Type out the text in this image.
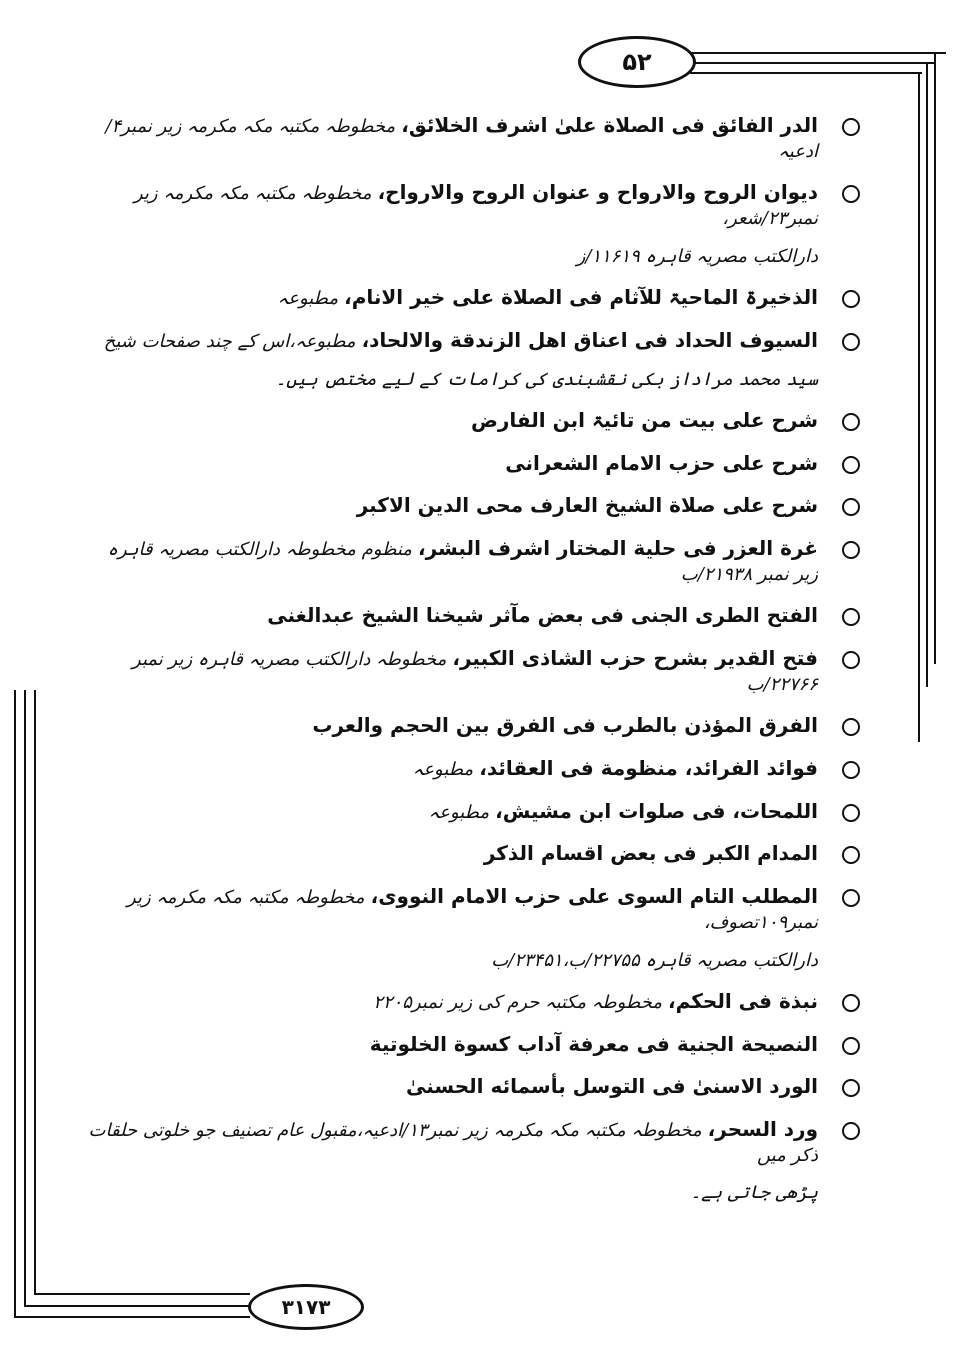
۵۲
۳۱۷۳
الدر الفائق فی الصلاة علیٰ اشرف الخلائق، مخطوطہ مکتبہ مکہ مکرمہ زیر نمبر۴/ ادعیہ
دیوان الروح والارواح و عنوان الروح والارواح، مخطوطہ مکتبہ مکہ مکرمہ زیر نمبر۲۳/شعر،
دارالکتب مصریہ قاہرہ ۱۱۶۱۹/ز
الذخیرۃ الماحیۃ للآثام فی الصلاة علی خیر الانام، مطبوعہ
السیوف الحداد فی اعناق اهل الزندقة والالحاد، مطبوعہ،اس کے چند صفحات شیخ
سید محمد مراداز بکی نقشبندی کی کرامات کے لیے مختص ہیں۔
شرح علی بیت من تائیۃ ابن الفارض
شرح علی حزب الامام الشعرانی
شرح علی صلاة الشیخ العارف محی الدین الاکبر
غرة العزر فی حلیة المختار اشرف البشر، منظوم مخطوطہ دارالکتب مصریہ قاہرہ زیر نمبر ۲۱۹۳۸/ب
الفتح الطری الجنی فی بعض مآثر شیخنا الشیخ عبدالغنی
فتح القدیر بشرح حزب الشاذی الکبیر، مخطوطہ دارالکتب مصریہ قاہرہ زیر نمبر ۲۲۷۶۶/ب
الفرق المؤذن بالطرب فی الفرق بین الحجم والعرب
فوائد الفرائد، منظومة فی العقائد، مطبوعہ
اللمحات، فی صلوات ابن مشیش، مطبوعہ
المدام الکبر فی بعض اقسام الذکر
المطلب التام السوی علی حزب الامام النووی، مخطوطہ مکتبہ مکہ مکرمہ زیر نمبر۱۰۹تصوف،
دارالکتب مصریہ قاہرہ ۲۲۷۵۵/ب،۲۳۴۵۱/ب
نبذة فی الحکم، مخطوطہ مکتبہ حرم کی زیر نمبر۲۲۰۵
النصیحة الجنیة فی معرفة آداب کسوة الخلوتیة
الورد الاسنیٰ فی التوسل بأسمائه الحسنیٰ
ورد السحر، مخطوطہ مکتبہ مکہ مکرمہ زیر نمبر۱۳/ادعیہ،مقبول عام تصنیف جو خلوتی حلقات ذکر میں
پڑھی جاتی ہے۔
